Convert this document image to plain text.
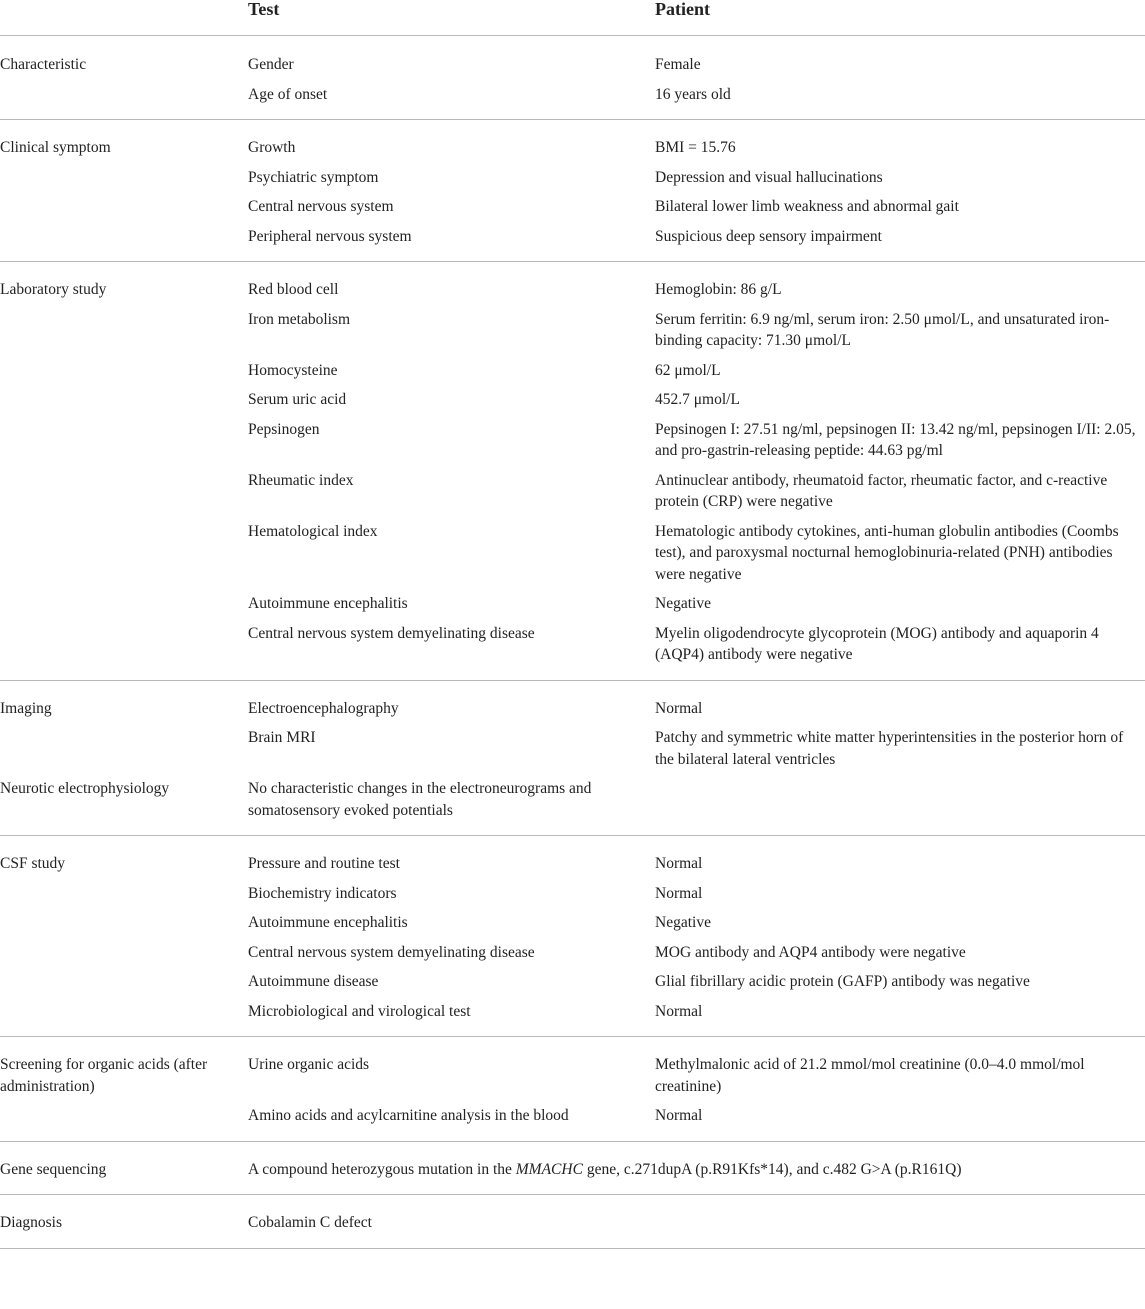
	Test	Patient
Characteristic	Gender	Female
	Age of onset	16 years old
Clinical symptom	Growth	BMI = 15.76
	Psychiatric symptom	Depression and visual hallucinations
	Central nervous system	Bilateral lower limb weakness and abnormal gait
	Peripheral nervous system	Suspicious deep sensory impairment
Laboratory study	Red blood cell	Hemoglobin: 86 g/L
	Iron metabolism	Serum ferritin: 6.9 ng/ml, serum iron: 2.50 μmol/L, and unsaturated iron-binding capacity: 71.30 μmol/L
	Homocysteine	62 μmol/L
	Serum uric acid	452.7 μmol/L
	Pepsinogen	Pepsinogen I: 27.51 ng/ml, pepsinogen II: 13.42 ng/ml, pepsinogen I/II: 2.05, and pro-gastrin-releasing peptide: 44.63 pg/ml
	Rheumatic index	Antinuclear antibody, rheumatoid factor, rheumatic factor, and c-reactive protein (CRP) were negative
	Hematological index	Hematologic antibody cytokines, anti-human globulin antibodies (Coombs test), and paroxysmal nocturnal hemoglobinuria-related (PNH) antibodies were negative
	Autoimmune encephalitis	Negative
	Central nervous system demyelinating disease	Myelin oligodendrocyte glycoprotein (MOG) antibody and aquaporin 4 (AQP4) antibody were negative
Imaging	Electroencephalography	Normal
	Brain MRI	Patchy and symmetric white matter hyperintensities in the posterior horn of the bilateral lateral ventricles
Neurotic electrophysiology	No characteristic changes in the electroneurograms and somatosensory evoked potentials	
CSF study	Pressure and routine test	Normal
	Biochemistry indicators	Normal
	Autoimmune encephalitis	Negative
	Central nervous system demyelinating disease	MOG antibody and AQP4 antibody were negative
	Autoimmune disease	Glial fibrillary acidic protein (GAFP) antibody was negative
	Microbiological and virological test	Normal
Screening for organic acids (after administration)	Urine organic acids	Methylmalonic acid of 21.2 mmol/mol creatinine (0.0–4.0 mmol/mol creatinine)
	Amino acids and acylcarnitine analysis in the blood	Normal
Gene sequencing	A compound heterozygous mutation in the MMACHC gene, c.271dupA (p.R91Kfs*14), and c.482 G>A (p.R161Q)	
Diagnosis	Cobalamin C defect	
